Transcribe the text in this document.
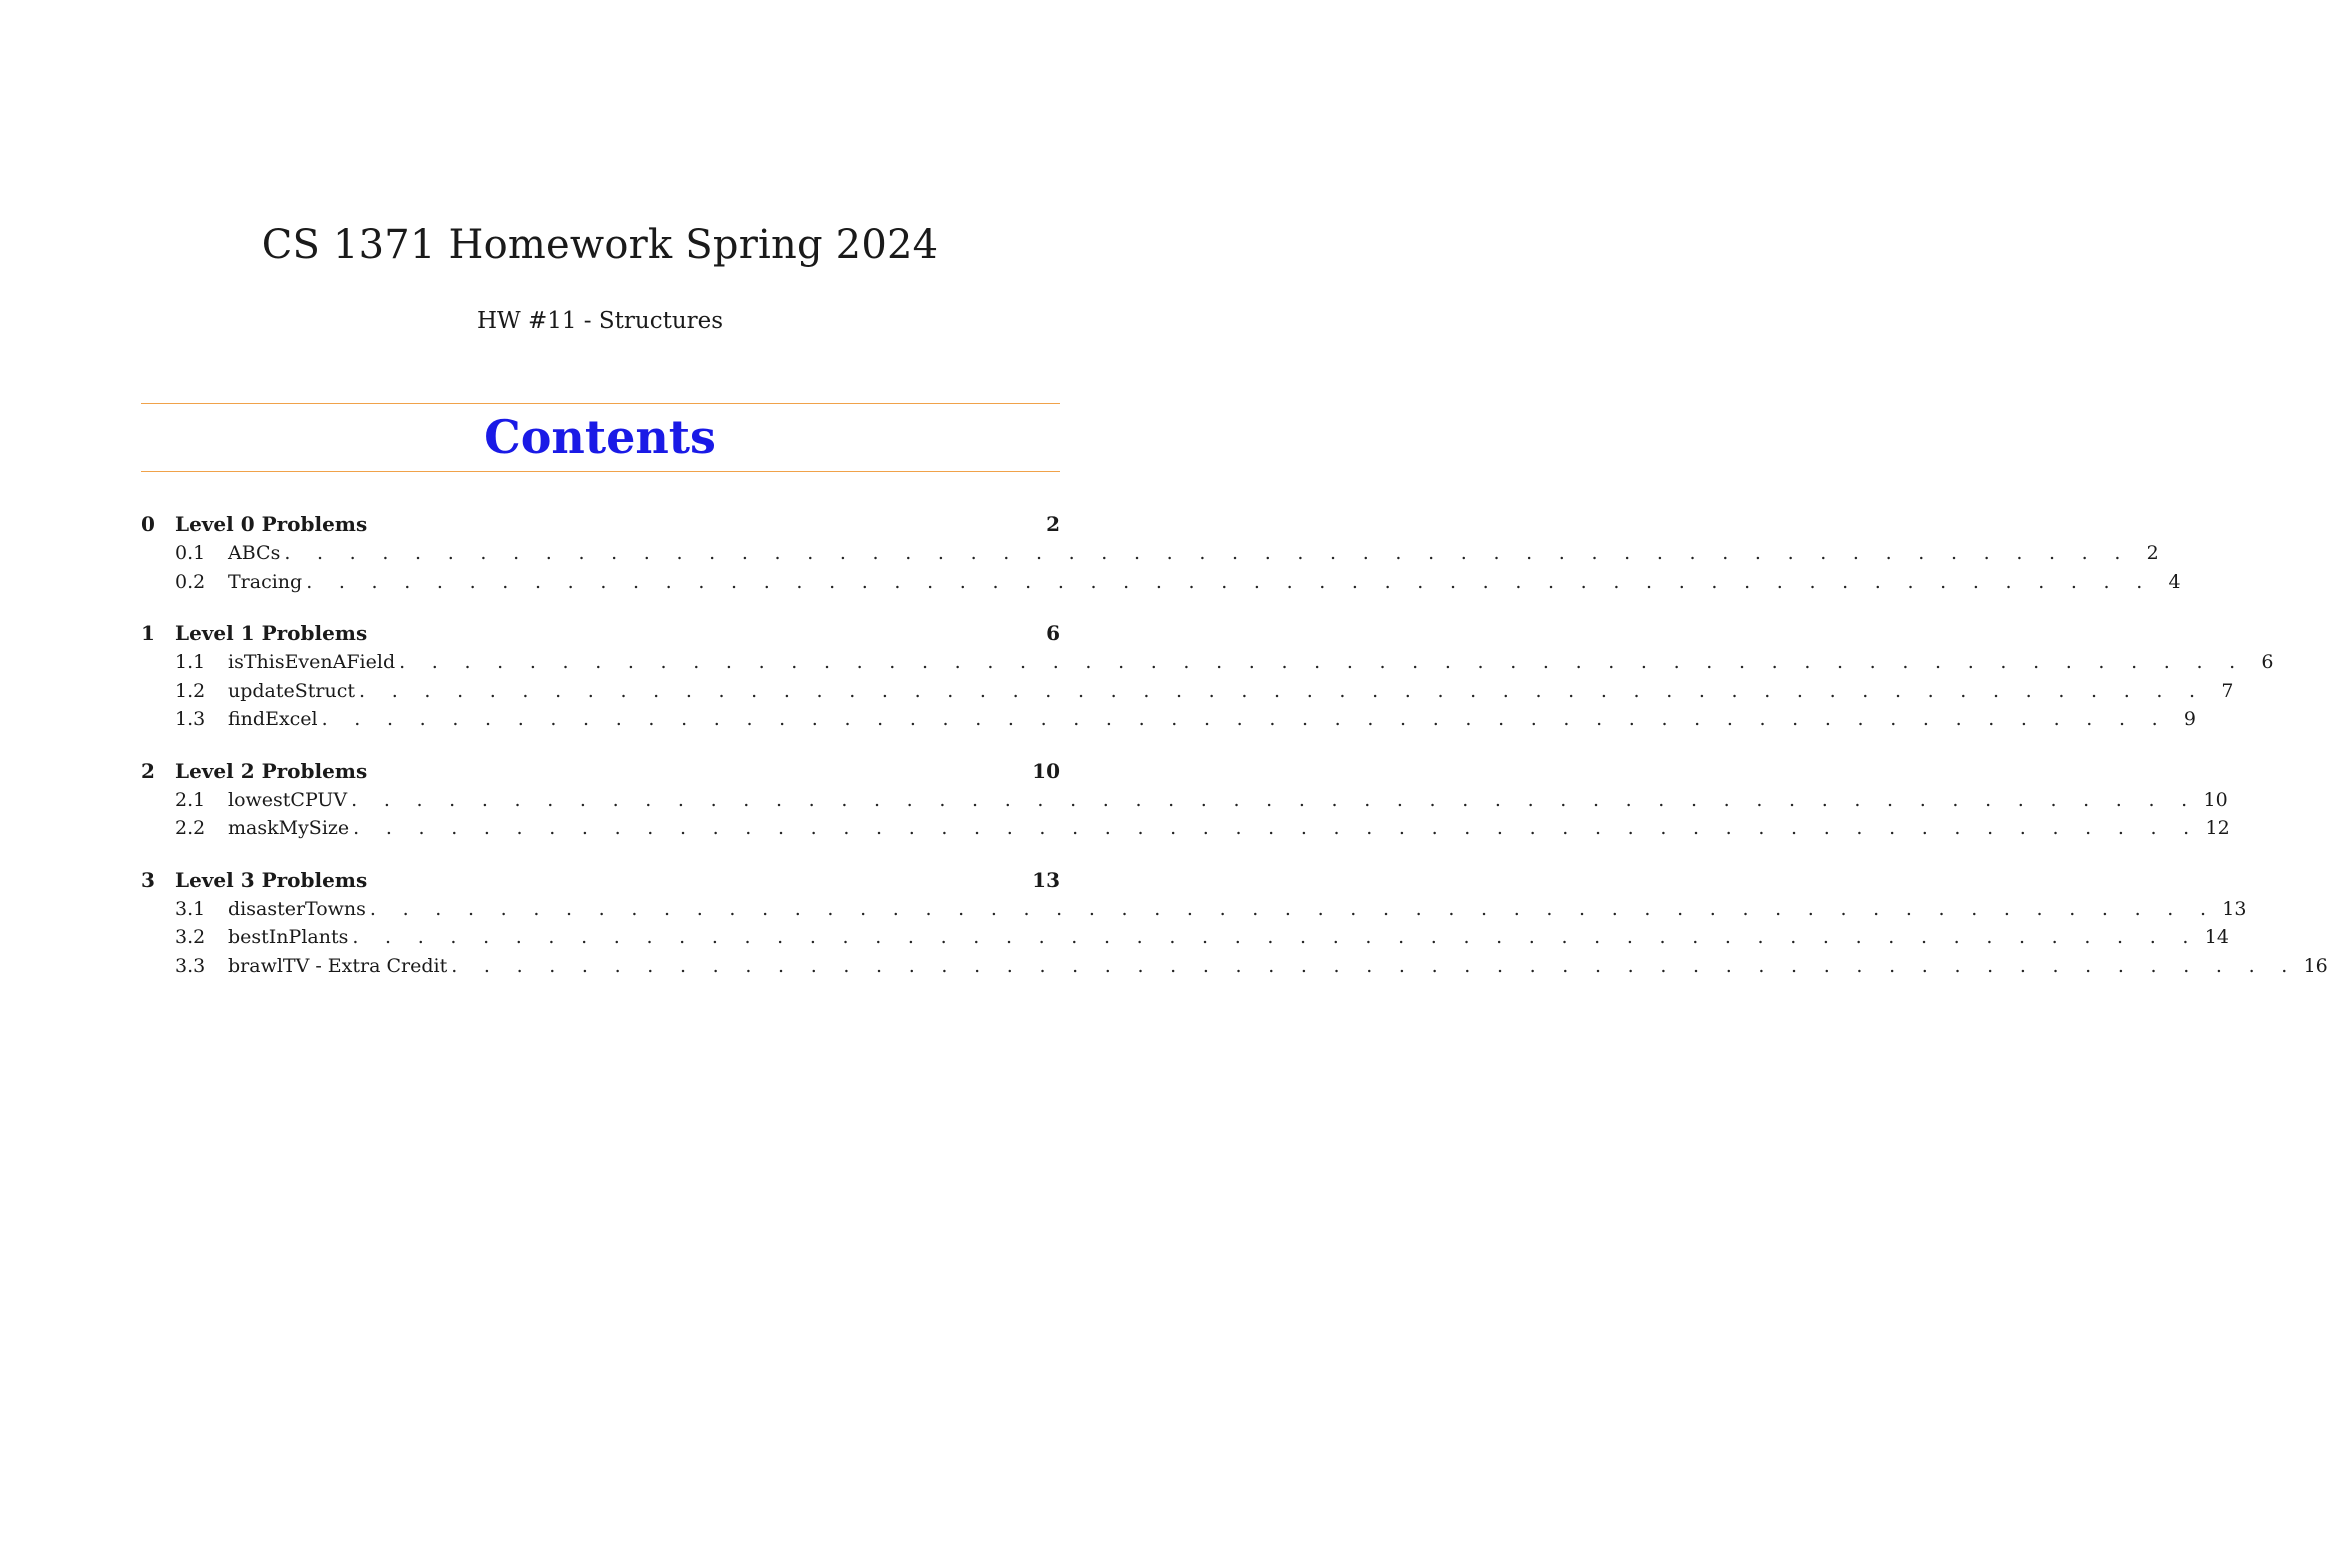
CS 1371 Homework Spring 2024
HW #11 - Structures
Contents
0	Level 0 Problems	2
0.1	ABCs . . . . . . . . . . . . . . . . . . . . . . . . . . . . . . . . . . . . . . . . . . . . . . . . . . . . . . . . . 2
0.2	Tracing . . . . . . . . . . . . . . . . . . . . . . . . . . . . . . . . . . . . . . . . . . . . . . . . . . . . . . . . . 4
1	Level 1 Problems	6
1.1	isThisEvenAField . . . . . . . . . . . . . . . . . . . . . . . . . . . . . . . . . . . . . . . . . . . . . . . . . . . . . . . . . 6
1.2	updateStruct . . . . . . . . . . . . . . . . . . . . . . . . . . . . . . . . . . . . . . . . . . . . . . . . . . . . . . . . . 7
1.3	findExcel . . . . . . . . . . . . . . . . . . . . . . . . . . . . . . . . . . . . . . . . . . . . . . . . . . . . . . . . . 9
2	Level 2 Problems	10
2.1	lowestCPUV . . . . . . . . . . . . . . . . . . . . . . . . . . . . . . . . . . . . . . . . . . . . . . . . . . . . . . . . . 10
2.2	maskMySize . . . . . . . . . . . . . . . . . . . . . . . . . . . . . . . . . . . . . . . . . . . . . . . . . . . . . . . . . 12
3	Level 3 Problems	13
3.1	disasterTowns . . . . . . . . . . . . . . . . . . . . . . . . . . . . . . . . . . . . . . . . . . . . . . . . . . . . . . . . . 13
3.2	bestInPlants . . . . . . . . . . . . . . . . . . . . . . . . . . . . . . . . . . . . . . . . . . . . . . . . . . . . . . . . . 14
3.3	brawlTV - Extra Credit . . . . . . . . . . . . . . . . . . . . . . . . . . . . . . . . . . . . . . . . . . . . . . . . . . . . . . . . . 16
